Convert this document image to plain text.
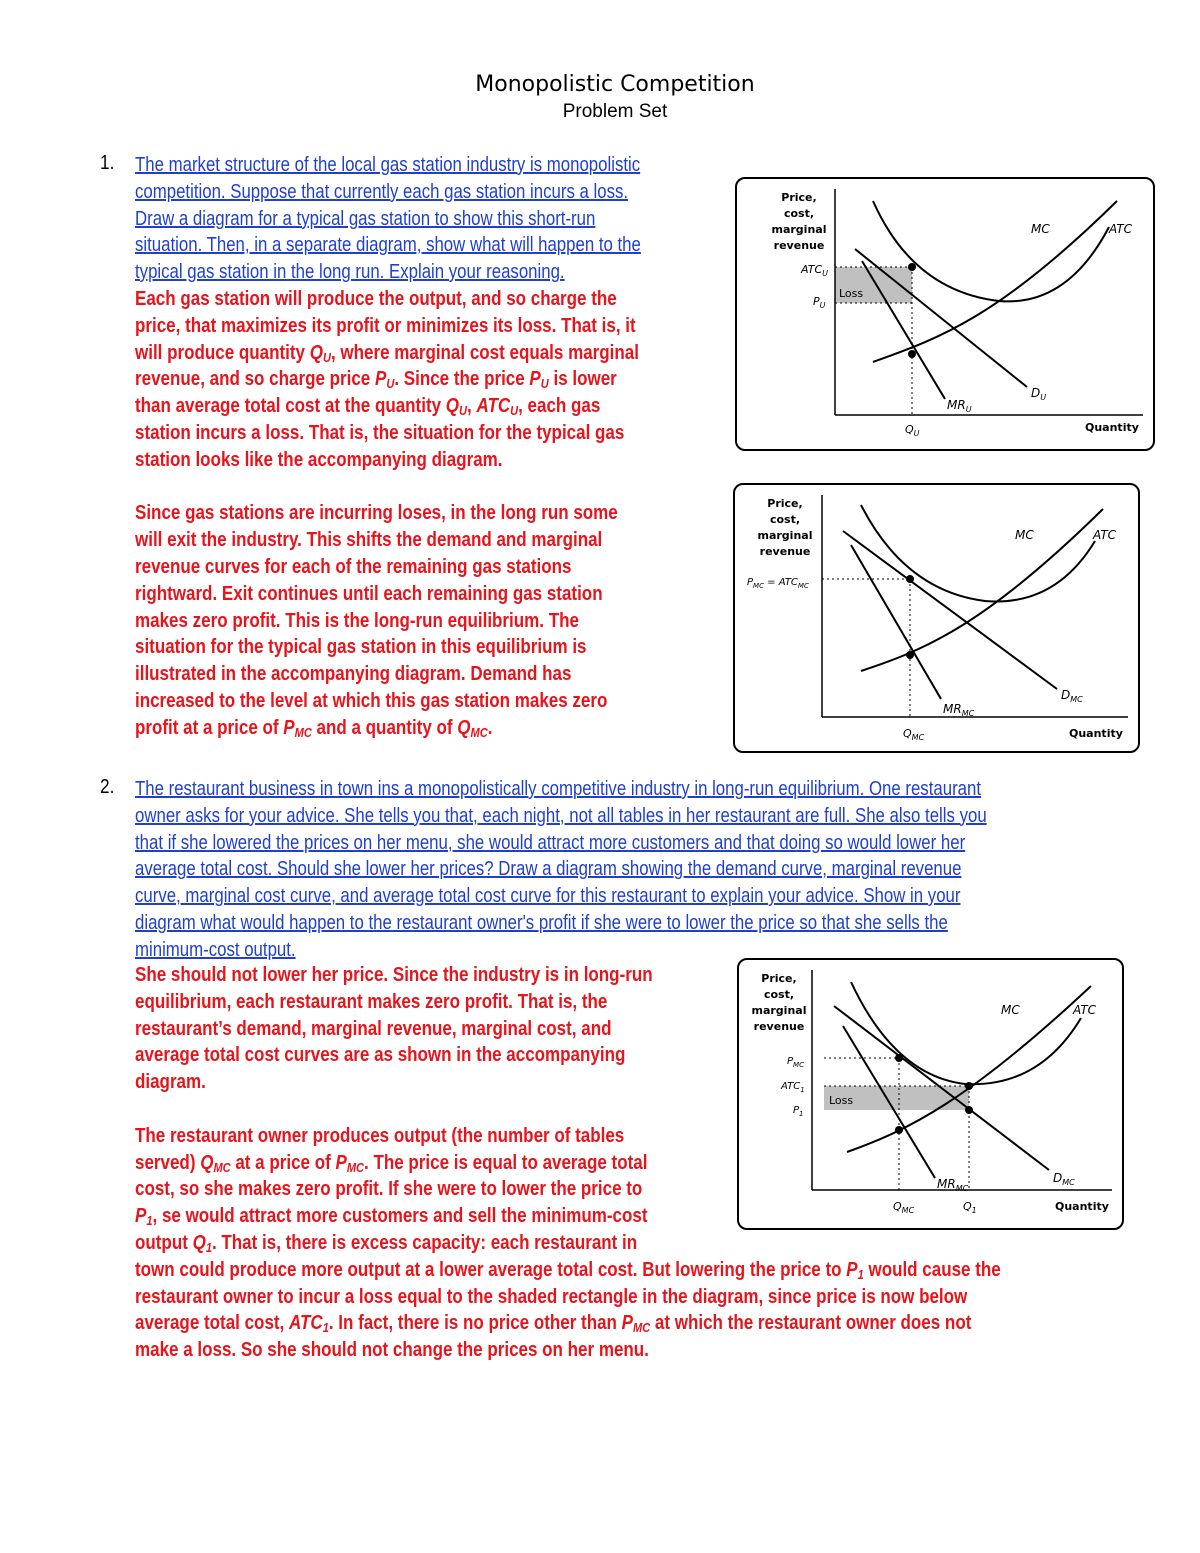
Monopolistic Competition
Problem Set
1. The market structure of the local gas station industry is monopolistic
competition. Suppose that currently each gas station incurs a loss.
Draw a diagram for a typical gas station to show this short-run
situation. Then, in a separate diagram, show what will happen to the
typical gas station in the long run. Explain your reasoning.
Each gas station will produce the output, and so charge the
price, that maximizes its profit or minimizes its loss. That is, it
will produce quantity $Q_U$, where marginal cost equals marginal
revenue, and so charge price $P_U$. Since the price $P_U$ is lower
than average total cost at the quantity $Q_U$, $ATC_U$, each gas
station incurs a loss. That is, the situation for the typical gas
station looks like the accompanying diagram.
Since gas stations are incurring loses, in the long run some
will exit the industry. This shifts the demand and marginal
revenue curves for each of the remaining gas stations
rightward. Exit continues until each remaining gas station
makes zero profit. This is the long-run equilibrium. The
situation for the typical gas station in this equilibrium is
illustrated in the accompanying diagram. Demand has
increased to the level at which this gas station makes zero
profit at a price of $P_{MC}$ and a quantity of $Q_{MC}$.
Price,
cost,
marginal
revenue
MC	ATC
$ATC_U$
$P_U$
Loss
$D_U$
$MR_U$
$Q_U$	Quantity
Price,
cost,
marginal
revenue
MC	ATC
$P_{MC} = ATC_{MC}$
$D_{MC}$
$MR_{MC}$
$Q_{MC}$	Quantity
2. The restaurant business in town ins a monopolistically competitive industry in long-run equilibrium. One restaurant
owner asks for your advice. She tells you that, each night, not all tables in her restaurant are full. She also tells you
that if she lowered the prices on her menu, she would attract more customers and that doing so would lower her
average total cost. Should she lower her prices? Draw a diagram showing the demand curve, marginal revenue
curve, marginal cost curve, and average total cost curve for this restaurant to explain your advice. Show in your
diagram what would happen to the restaurant owner's profit if she were to lower the price so that she sells the
minimum-cost output.
She should not lower her price. Since the industry is in long-run
equilibrium, each restaurant makes zero profit. That is, the
restaurant’s demand, marginal revenue, marginal cost, and
average total cost curves are as shown in the accompanying
diagram.
The restaurant owner produces output (the number of tables
served) $Q_{MC}$ at a price of $P_{MC}$. The price is equal to average total
cost, so she makes zero profit. If she were to lower the price to
$P_1$, se would attract more customers and sell the minimum-cost
output $Q_1$. That is, there is excess capacity: each restaurant in
town could produce more output at a lower average total cost. But lowering the price to $P_1$ would cause the
restaurant owner to incur a loss equal to the shaded rectangle in the diagram, since price is now below
average total cost, $ATC_1$. In fact, there is no price other than $P_{MC}$ at which the restaurant owner does not
make a loss. So she should not change the prices on her menu.
Price,
cost,
marginal
revenue
MC	ATC
$P_{MC}$
$ATC_1$
$P_1$
Loss
$D_{MC}$
$MR_{MC}$
$Q_{MC}$	$Q_1$	Quantity
